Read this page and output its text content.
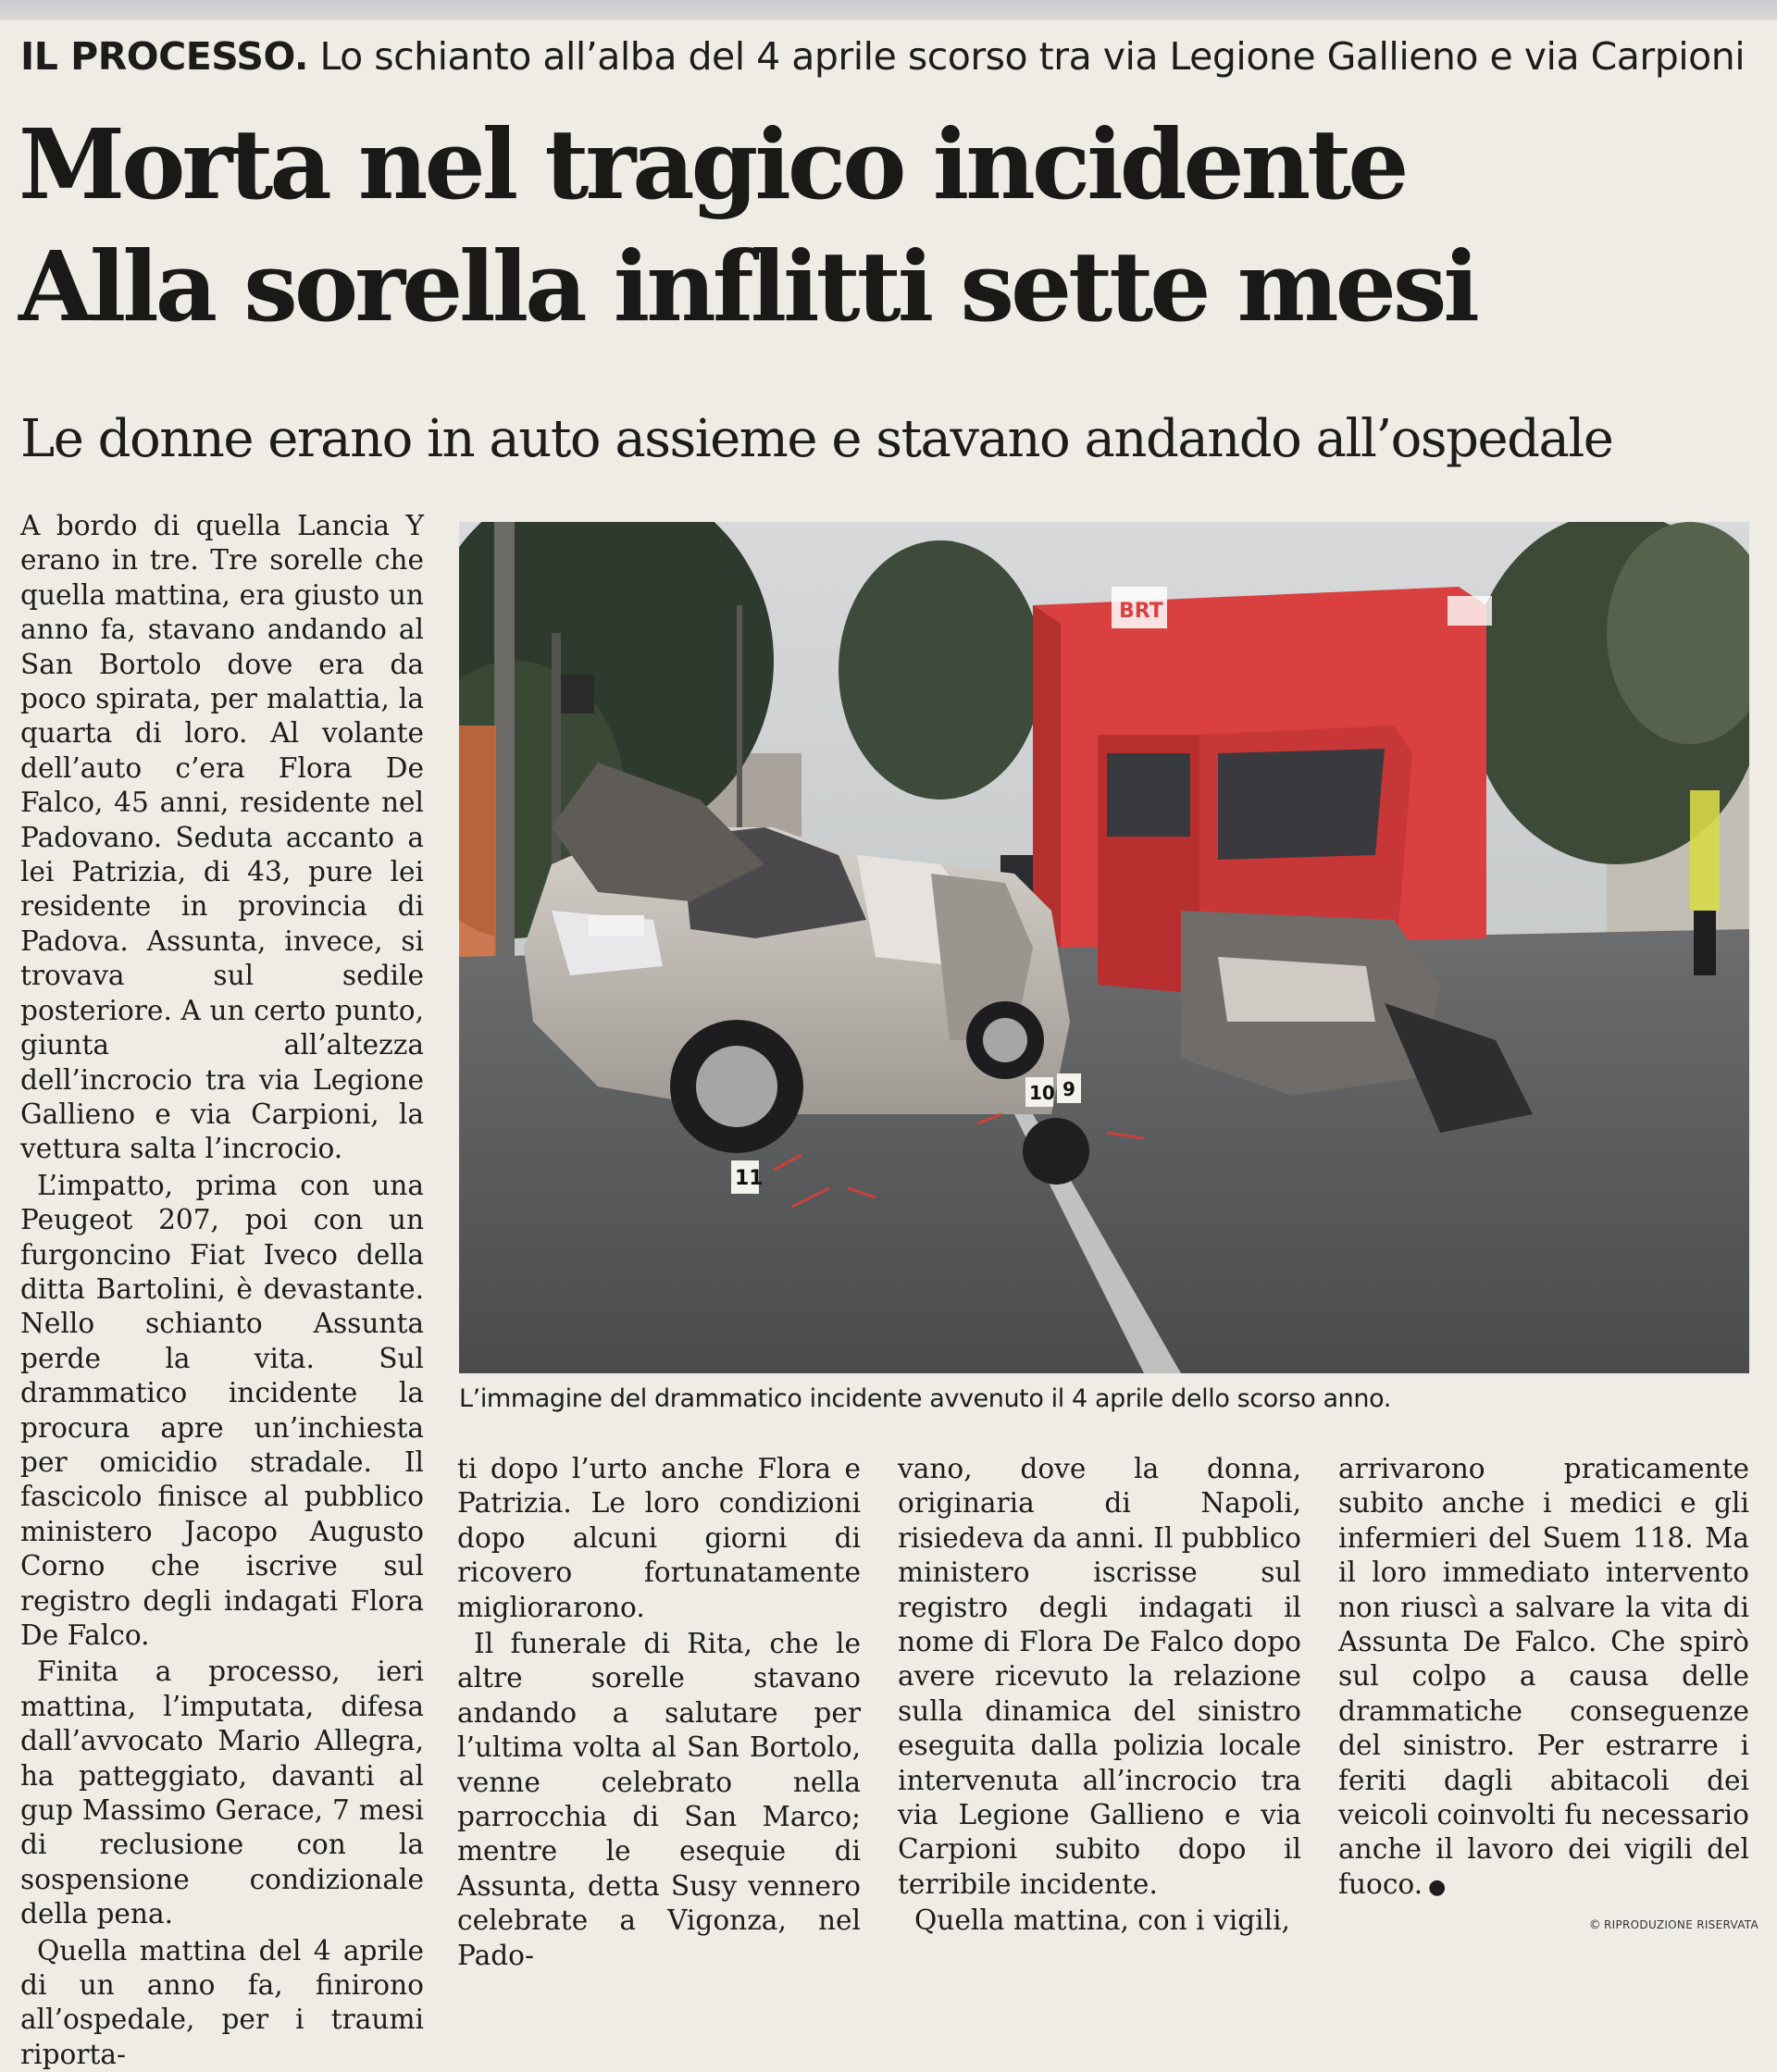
IL PROCESSO. Lo schianto all’alba del 4 aprile scorso tra via Legione Gallieno e via Carpioni
Morta nel tragico incidente
Alla sorella inflitti sette mesi
Le donne erano in auto assieme e stavano andando all’ospedale

A bordo di quella Lancia Y erano in tre. Tre sorelle che quella mattina, era giusto un anno fa, stavano andando al San Bortolo dove era da poco spirata, per malattia, la quarta di loro. Al volante dell’auto c’era Flora De Falco, 45 anni, residente nel Padovano. Seduta accanto a lei Patrizia, di 43, pure lei residente in provincia di Padova. Assunta, invece, si trovava sul sedile posteriore. A un certo punto, giunta all’altezza dell’incrocio tra via Legione Gallieno e via Carpioni, la vettura salta l’incrocio.

L’impatto, prima con una Peugeot 207, poi con un furgoncino Fiat Iveco della ditta Bartolini, è devastante. Nello schianto Assunta perde la vita. Sul drammatico incidente la procura apre un’inchiesta per omicidio stradale. Il fascicolo finisce al pubblico ministero Jacopo Augusto Corno che iscrive sul registro degli indagati Flora De Falco.

Finita a processo, ieri mattina, l’imputata, difesa dall’avvocato Mario Allegra, ha patteggiato, davanti al gup Massimo Gerace, 7 mesi di reclusione con la sospensione condizionale della pena.

Quella mattina del 4 aprile di un anno fa, finirono all’ospedale, per i traumi riporta-

BRT
10 9
11
L’immagine del drammatico incidente avvenuto il 4 aprile dello scorso anno.

ti dopo l’urto anche Flora e Patrizia. Le loro condizioni dopo alcuni giorni di ricovero fortunatamente migliorarono.

Il funerale di Rita, che le altre sorelle stavano andando a salutare per l’ultima volta al San Bortolo, venne celebrato nella parrocchia di San Marco; mentre le esequie di Assunta, detta Susy vennero celebrate a Vigonza, nel Pado-

vano, dove la donna, originaria di Napoli, risiedeva da anni. Il pubblico ministero iscrisse sul registro degli indagati il nome di Flora De Falco dopo avere ricevuto la relazione sulla dinamica del sinistro eseguita dalla polizia locale intervenuta all’incrocio tra via Legione Gallieno e via Carpioni subito dopo il terribile incidente.

Quella mattina, con i vigili,

arrivarono praticamente subito anche i medici e gli infermieri del Suem 118. Ma il loro immediato intervento non riuscì a salvare la vita di Assunta De Falco. Che spirò sul colpo a causa delle drammatiche conseguenze del sinistro. Per estrarre i feriti dagli abitacoli dei veicoli coinvolti fu necessario anche il lavoro dei vigili del fuoco. ●

© RIPRODUZIONE RISERVATA
